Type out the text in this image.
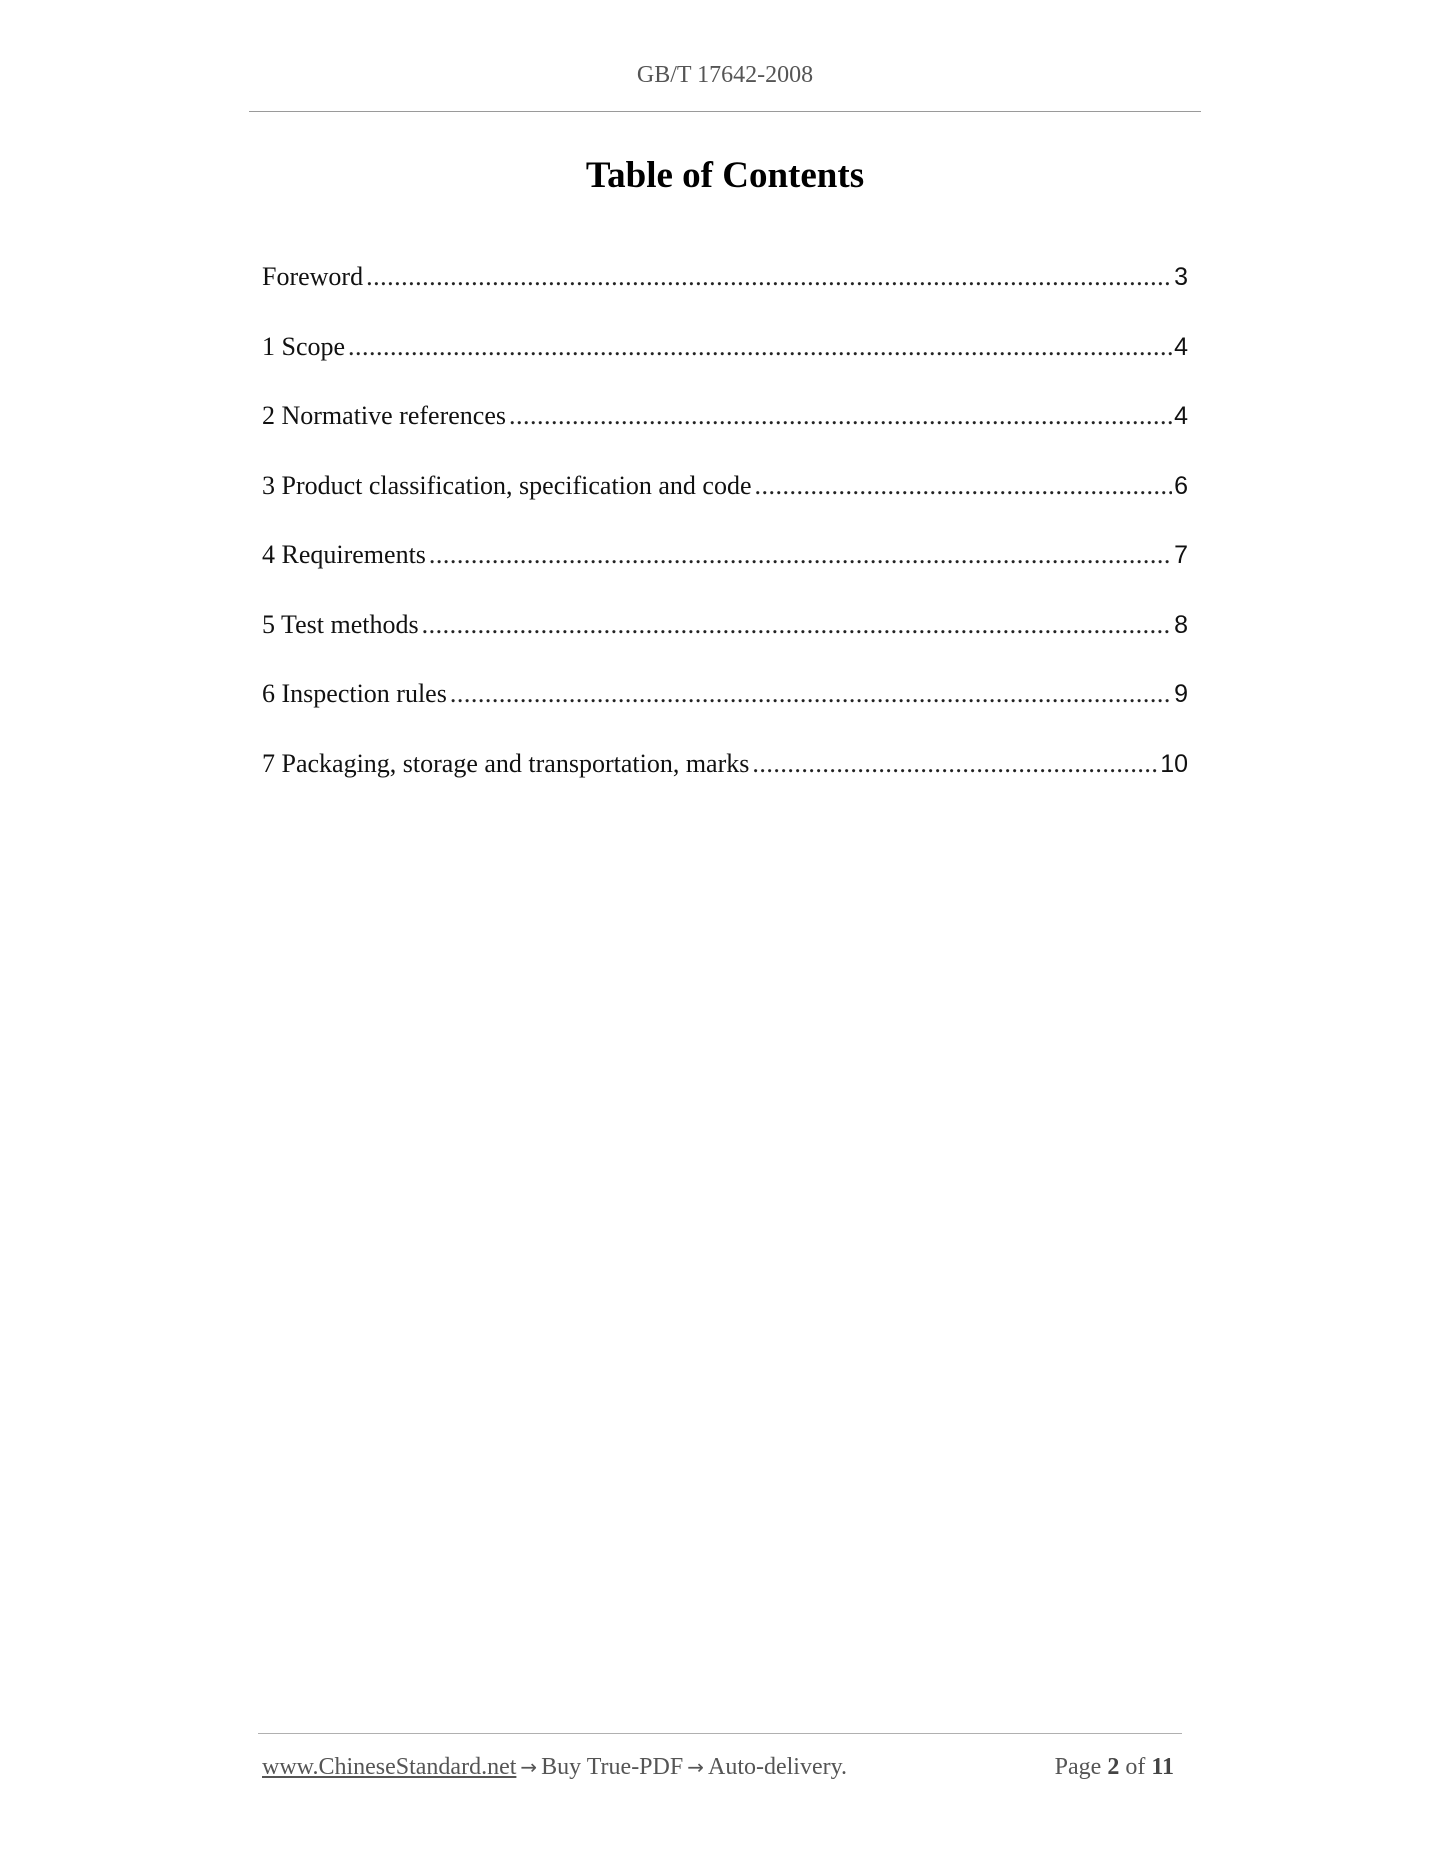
GB/T 17642-2008
Table of Contents
Foreword .....	3
1 Scope .....	4
2 Normative references .....	4
3 Product classification, specification and code .....	6
4 Requirements .....	7
5 Test methods .....	8
6 Inspection rules .....	9
7 Packaging, storage and transportation, marks .....	10
www.ChineseStandard.net → Buy True-PDF → Auto-delivery.	Page 2 of 11
